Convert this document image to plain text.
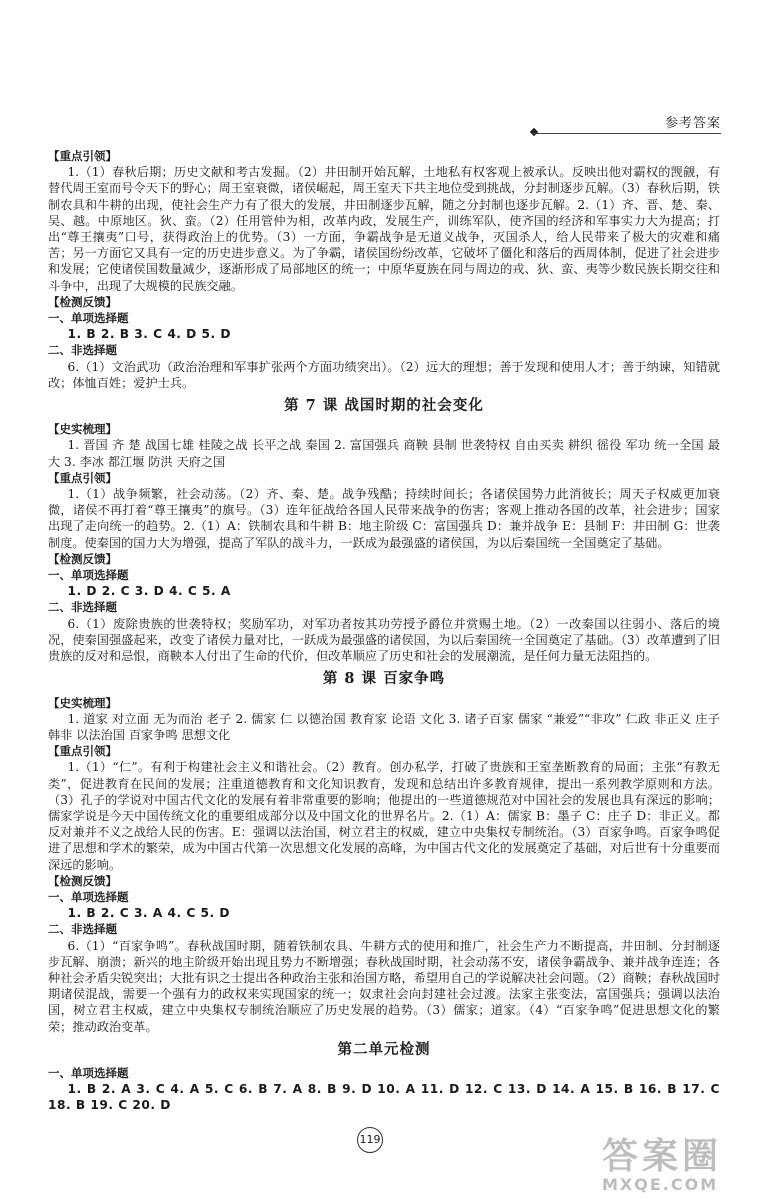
参考答案

【重点引领】

1.（1）春秋后期；历史文献和考古发掘。（2）井田制开始瓦解，土地私有权客观上被承认。反映出他对霸权的觊觎，有替代周王室而号令天下的野心；周王室衰微，诸侯崛起，周王室天下共主地位受到挑战，分封制逐步瓦解。（3）春秋后期，铁制农具和牛耕的出现，使社会生产力有了很大的发展，井田制逐步瓦解，随之分封制也逐步瓦解。2.（1）齐、晋、楚、秦、吴、越。中原地区。狄、蛮。（2）任用管仲为相，改革内政，发展生产，训练军队，使齐国的经济和军事实力大为提高；打出“尊王攘夷”口号，获得政治上的优势。（3）一方面，争霸战争是无道义战争，灭国杀人，给人民带来了极大的灾难和痛苦；另一方面它又具有一定的历史进步意义。为了争霸，诸侯国纷纷改革，它破坏了僵化和落后的西周体制，促进了社会进步和发展；它使诸侯国数量减少，逐渐形成了局部地区的统一；中原华夏族在同与周边的戎、狄、蛮、夷等少数民族长期交往和斗争中，出现了大规模的民族交融。

【检测反馈】

一、单项选择题

1. B 2. B 3. C 4. D 5. D

二、非选择题

6.（1）文治武功（政治治理和军事扩张两个方面功绩突出）。（2）远大的理想；善于发现和使用人才；善于纳谏，知错就改；体恤百姓；爱护士兵。

第 7 课 战国时期的社会变化

【史实梳理】

1. 晋国 齐 楚 战国七雄 桂陵之战 长平之战 秦国 2. 富国强兵 商鞅 县制 世袭特权 自由买卖 耕织 徭役 军功 统一全国 最大 3. 李冰 都江堰 防洪 天府之国

【重点引领】

1.（1）战争频繁，社会动荡。（2）齐、秦、楚。战争残酷；持续时间长；各诸侯国势力此消彼长；周天子权威更加衰微，诸侯不再打着“尊王攘夷”的旗号。（3）连年征战给各国人民带来战争的伤害；客观上推动各国的改革，社会进步；国家出现了走向统一的趋势。2.（1）A：铁制农具和牛耕 B：地主阶级 C：富国强兵 D：兼并战争 E：县制 F：井田制 G：世袭制度。使秦国的国力大为增强，提高了军队的战斗力，一跃成为最强盛的诸侯国，为以后秦国统一全国奠定了基础。

【检测反馈】

一、单项选择题

1. D 2. C 3. D 4. C 5. A

二、非选择题

6.（1）废除贵族的世袭特权；奖励军功，对军功者按其功劳授予爵位并赏赐土地。（2）一改秦国以往弱小、落后的境况，使秦国强盛起来，改变了诸侯力量对比，一跃成为最强盛的诸侯国，为以后秦国统一全国奠定了基础。（3）改革遭到了旧贵族的反对和忌恨，商鞅本人付出了生命的代价，但改革顺应了历史和社会的发展潮流，是任何力量无法阻挡的。

第 8 课 百家争鸣

【史实梳理】

1. 道家 对立面 无为而治 老子 2. 儒家 仁 以德治国 教育家 论语 文化 3. 诸子百家 儒家 “兼爱”“非攻” 仁政 非正义 庄子 韩非 以法治国 百家争鸣 思想文化

【重点引领】

1.（1）“仁”。有利于构建社会主义和谐社会。（2）教育。创办私学，打破了贵族和王室垄断教育的局面；主张“有教无类”，促进教育在民间的发展；注重道德教育和文化知识教育，发现和总结出许多教育规律，提出一系列教学原则和方法。（3）孔子的学说对中国古代文化的发展有着非常重要的影响；他提出的一些道德规范对中国社会的发展也具有深远的影响；儒家学说是今天中国传统文化的重要组成部分以及中国文化的世界名片。2.（1）A：儒家 B：墨子 C：庄子 D：非正义。都反对兼并不义之战给人民的伤害。E：强调以法治国，树立君主的权威，建立中央集权专制统治。（3）百家争鸣。百家争鸣促进了思想和学术的繁荣，成为中国古代第一次思想文化发展的高峰，为中国古代文化的发展奠定了基础，对后世有十分重要而深远的影响。

【检测反馈】

一、单项选择题

1. B 2. C 3. A 4. C 5. D

二、非选择题

6.（1）“百家争鸣”。春秋战国时期，随着铁制农具、牛耕方式的使用和推广，社会生产力不断提高，井田制、分封制逐步瓦解、崩溃；新兴的地主阶级开始出现且势力不断增强；春秋战国时期，社会动荡不安，诸侯争霸战争、兼并战争连连；各种社会矛盾尖锐突出；大批有识之士提出各种政治主张和治国方略，希望用自己的学说解决社会问题。（2）商鞅；春秋战国时期诸侯混战，需要一个强有力的政权来实现国家的统一；奴隶社会向封建社会过渡。法家主张变法，富国强兵；强调以法治国，树立君主权威，建立中央集权专制统治顺应了历史发展的趋势。（3）儒家；道家。（4）“百家争鸣”促进思想文化的繁荣；推动政治变革。

第二单元检测

一、单项选择题

1. B 2. A 3. C 4. A 5. C 6. B 7. A 8. B 9. D 10. A 11. D 12. C 13. D 14. A 15. B 16. B 17. C 18. B 19. C 20. D

119	答案圈
MXQE.COM
